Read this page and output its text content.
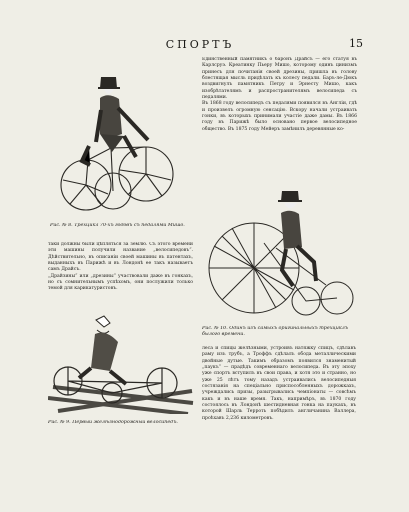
СПОРТЪ	15
Рис. № 8. Трехцикл 70-хъ годовъ съ педалями Мишо.
таки должны были цѣпляться за землю. Съ этого времени эти машины получили название „велосипедовъ“. Дѣйствительно, въ описаніи своей машины въ патентахъ, выданныхъ въ Парижѣ и въ Лондонѣ ее такъ называетъ самъ Драйсъ.
„Драйзины“ или „дрезины“ участвовали даже въ гонкахъ, но съ сомнительнымъ успѣхомъ, они послужили только темой для карикатуристовъ.
Единственный памятникъ о баронъ Драйсъ — его статуя въ Карлсруэ. Креатинку Пьеру Мишо, которому одинъ цинизмъ принесъ для почитанія своей дрезины, пришла въ голову блестящая мысль придѣлать къ колесу педали. Баръ-ле-Дюкъ воздвигнулъ памятникъ Петру и Эрнесту Мишо, какъ изобрѣтателямъ и распространителямъ велосипеда съ педалями.
Въ 1868 году велосипедъ съ педалями появился въ Англіи, гдѣ и произвелъ огромную сенсацію. Вскору начали устраивать гонки, въ которыхъ принимали участіе даже дамы. Въ 1866 году въ Парижѣ было основано первое велосипедное общество. Въ 1875 году Мейеръ замѣнилъ деревянные ко-
Рис. № 10. Одинъ изъ самыхъ оригинальныхъ трехциклъ былого времени.
Рис. № 9. Первый желѣзнодорожный велосипедъ.
леса и спицы желѣзными, устроивъ натяжку спицъ, сдѣлавъ раму изъ трубъ, а Троффъ сдѣлалъ обода металлическими двойные дутые. Такимъ образомъ появился знаменитый „паукъ“ — прадѣдъ современнаго велосипеда. Въ эту эпоху уже спортъ вступилъ въ свои права, и хотя это и странно, но уже 25 лѣтъ тому назадъ устраивались велосипедныя состязанія на спеціально приспособленныхъ дорожкахъ, учреждались призы, разыгрывались чемпіонаты — совсѣмъ какъ и въ наше время. Такъ, напримѣръ, въ 1870 году состоялось въ Лондонѣ шестидневная гонка на паукахъ, въ которой Шарль Терроть побѣдилъ англичанина Валлера, проѣхавъ 2,236 километровъ.
